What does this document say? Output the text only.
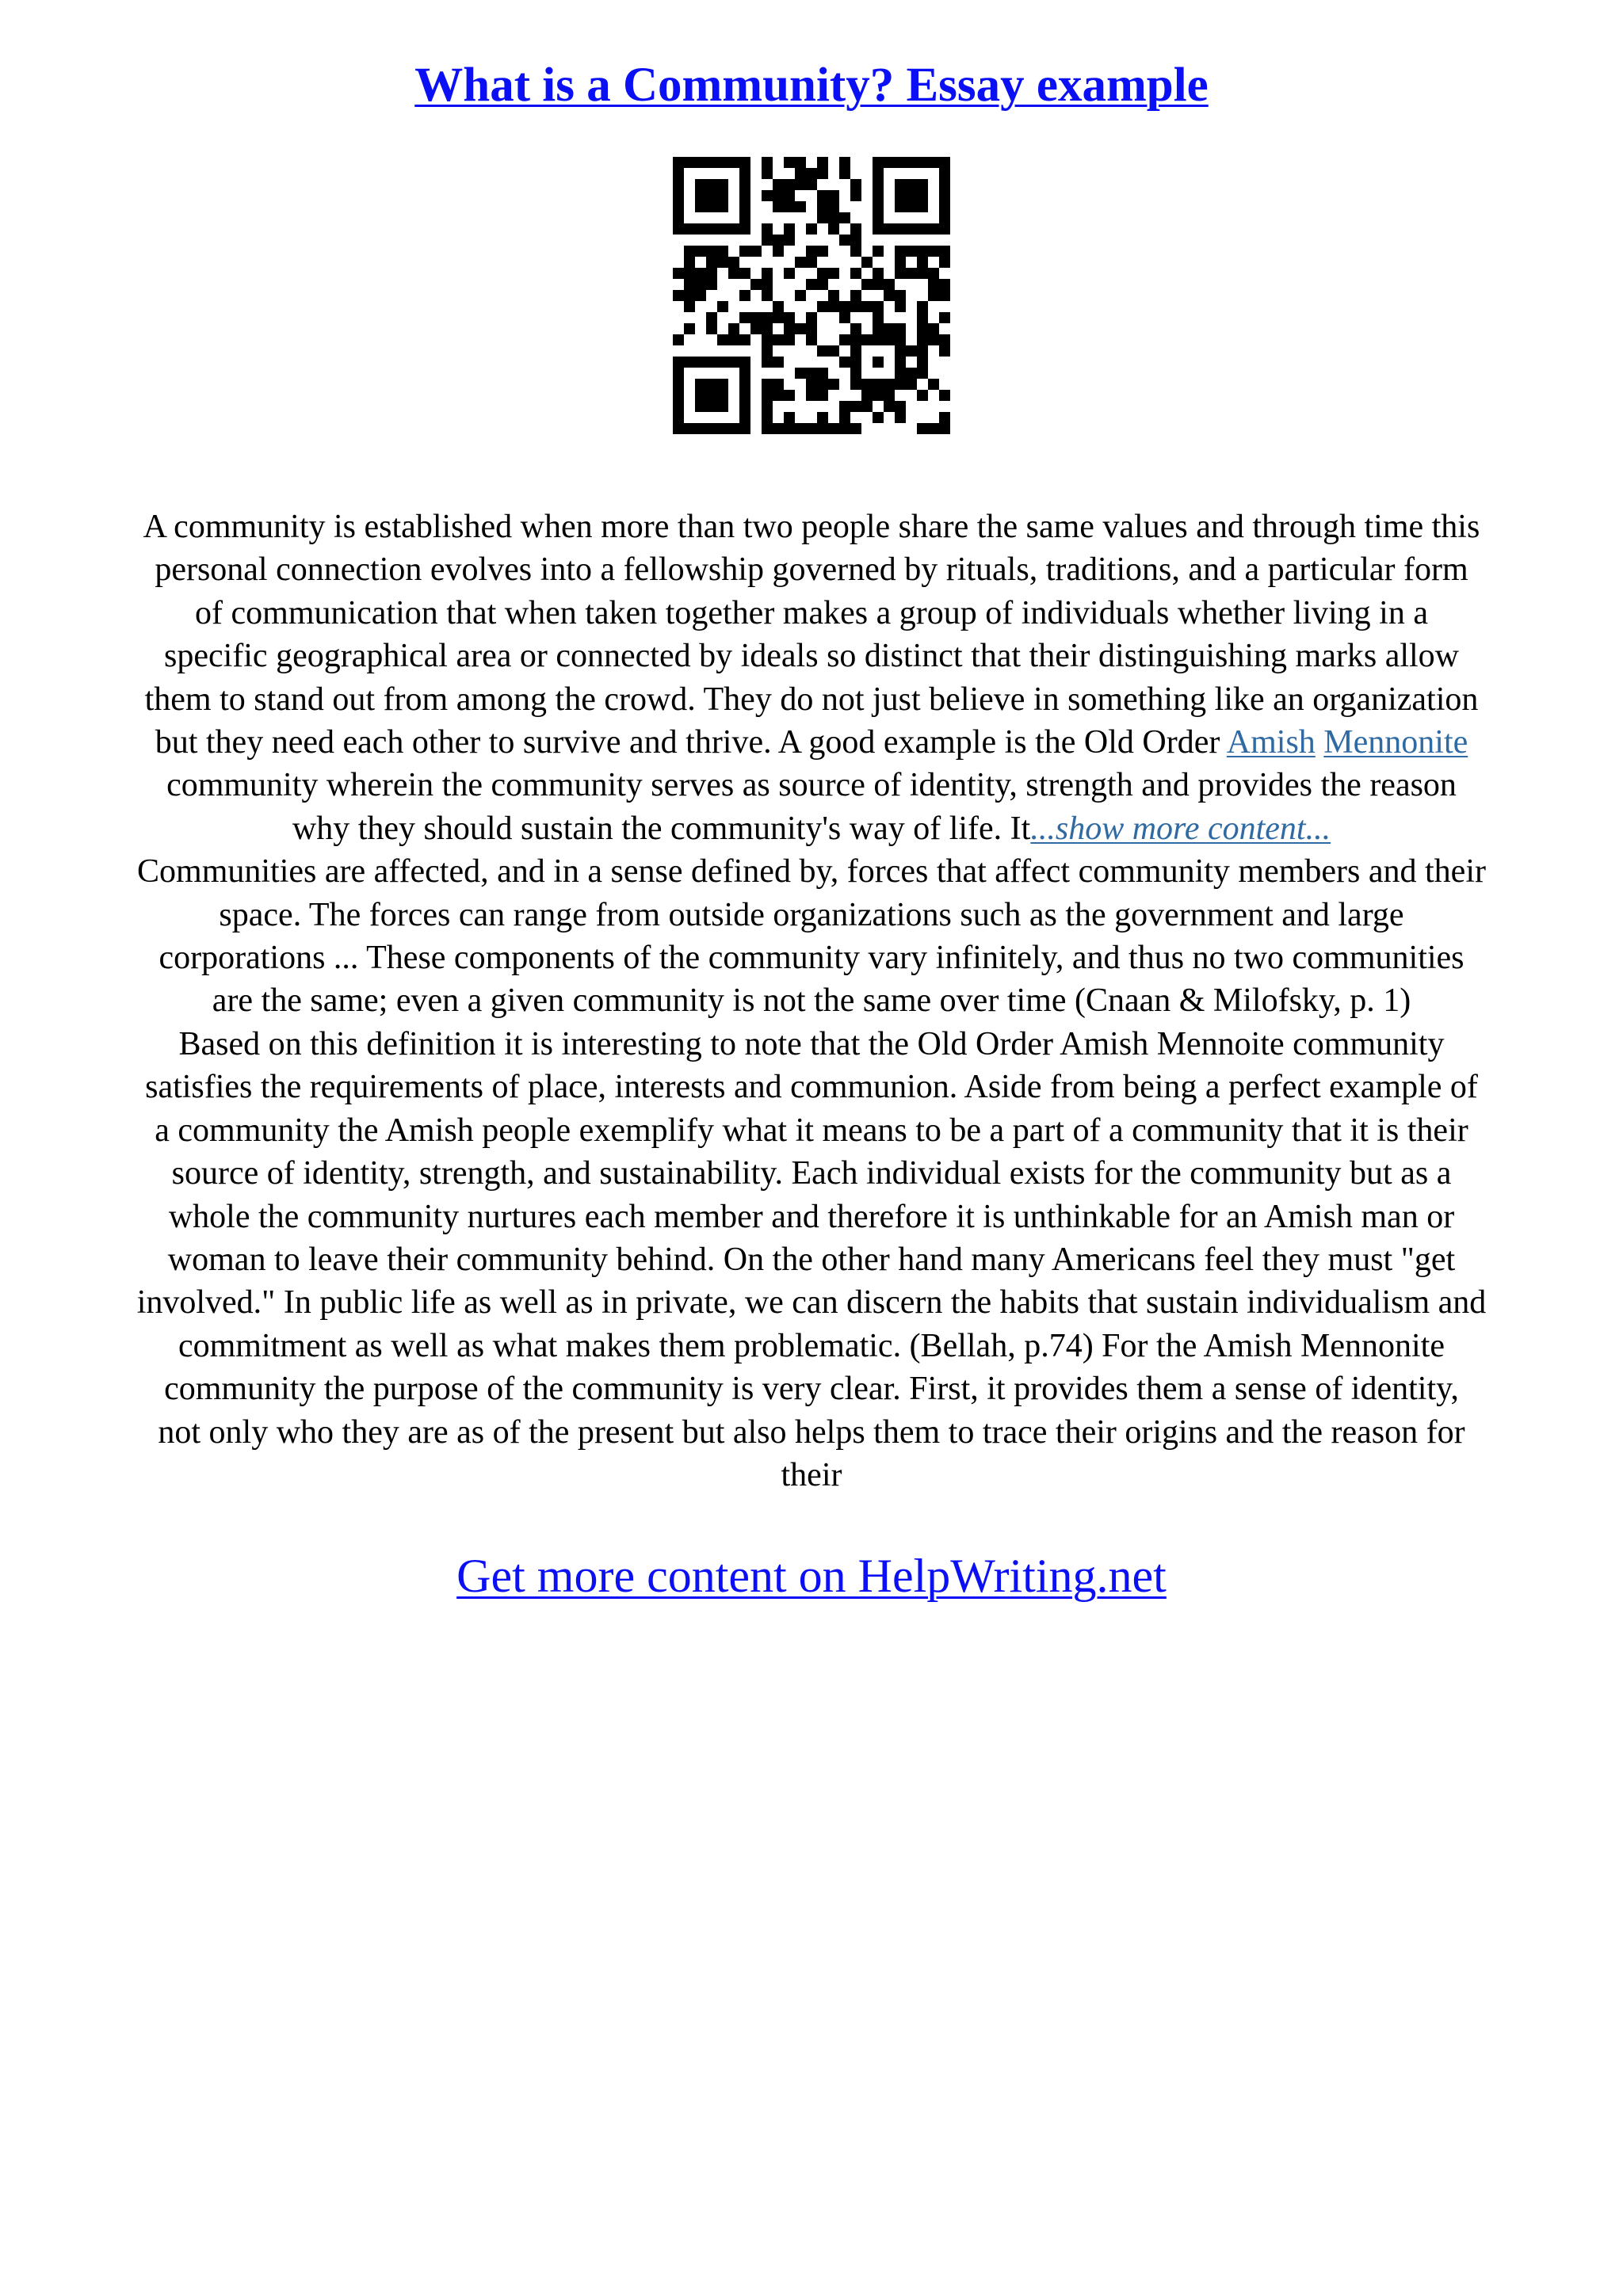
What is a Community? Essay example
A community is established when more than two people share the same values and through time this
personal connection evolves into a fellowship governed by rituals, traditions, and a particular form
of communication that when taken together makes a group of individuals whether living in a
specific geographical area or connected by ideals so distinct that their distinguishing marks allow
them to stand out from among the crowd. They do not just believe in something like an organization
but they need each other to survive and thrive. A good example is the Old Order  Amish Mennonite
community wherein the community serves as source of identity, strength and provides the reason
why they should sustain the community's way of life. It...show more content...
Communities are affected, and in a sense defined by, forces that affect community members and their
space. The forces can range from outside organizations such as the government and large
corporations ... These components of the community vary infinitely, and thus no two communities
are the same; even a given community is not the same over time (Cnaan & Milofsky, p. 1)
Based on this definition it is interesting to note that the Old Order Amish Mennoite community
satisfies the requirements of place, interests and communion. Aside from being a perfect example of
a community the Amish people exemplify what it means to be a part of a community that it is their
source of identity, strength, and sustainability. Each individual exists for the community but as a
whole the community nurtures each member and therefore it is unthinkable for an Amish man or
woman to leave their community behind. On the other hand many Americans feel they must "get
involved." In public life as well as in private, we can discern the habits that sustain individualism and
commitment as well as what makes them problematic. (Bellah, p.74) For the Amish Mennonite
community the purpose of the community is very clear. First, it provides them a sense of identity,
not only who they are as of the present but also helps them to trace their origins and the reason for
their
Get more content on HelpWriting.net
